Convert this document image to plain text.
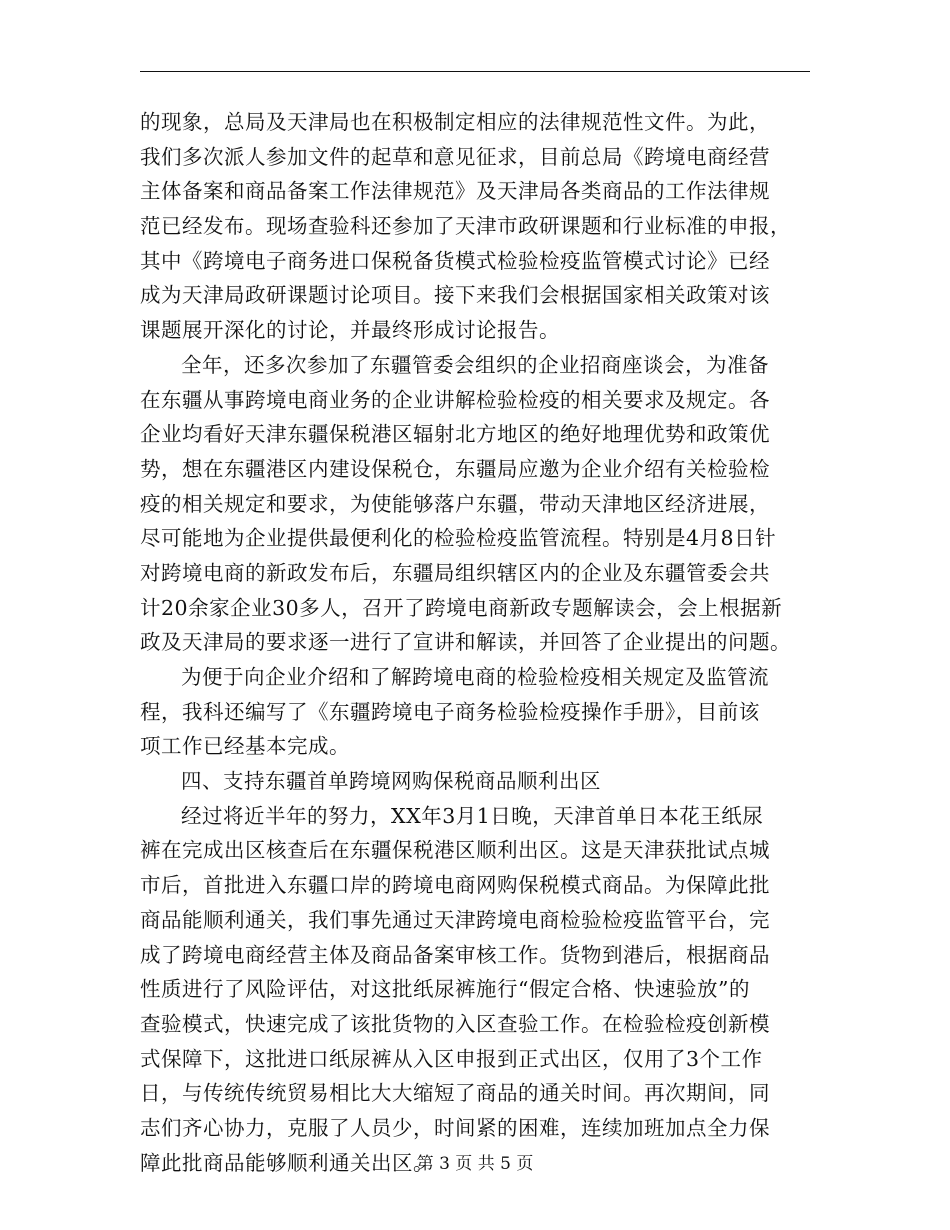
的现象，总局及天津局也在积极制定相应的法律规范性文件。为此，
我们多次派人参加文件的起草和意见征求，目前总局《跨境电商经营
主体备案和商品备案工作法律规范》及天津局各类商品的工作法律规
范已经发布。现场查验科还参加了天津市政研课题和行业标准的申报，
其中《跨境电子商务进口保税备货模式检验检疫监管模式讨论》已经
成为天津局政研课题讨论项目。接下来我们会根据国家相关政策对该
课题展开深化的讨论，并最终形成讨论报告。
全年，还多次参加了东疆管委会组织的企业招商座谈会，为准备
在东疆从事跨境电商业务的企业讲解检验检疫的相关要求及规定。各
企业均看好天津东疆保税港区辐射北方地区的绝好地理优势和政策优
势，想在东疆港区内建设保税仓，东疆局应邀为企业介绍有关检验检
疫的相关规定和要求，为使能够落户东疆，带动天津地区经济进展，
尽可能地为企业提供最便利化的检验检疫监管流程。特别是4月8日针
对跨境电商的新政发布后，东疆局组织辖区内的企业及东疆管委会共
计20余家企业30多人，召开了跨境电商新政专题解读会，会上根据新
政及天津局的要求逐一进行了宣讲和解读，并回答了企业提出的问题。
为便于向企业介绍和了解跨境电商的检验检疫相关规定及监管流
程，我科还编写了《东疆跨境电子商务检验检疫操作手册》，目前该
项工作已经基本完成。
四、支持东疆首单跨境网购保税商品顺利出区
经过将近半年的努力，XX年3月1日晚，天津首单日本花王纸尿
裤在完成出区核查后在东疆保税港区顺利出区。这是天津获批试点城
市后，首批进入东疆口岸的跨境电商网购保税模式商品。为保障此批
商品能顺利通关，我们事先通过天津跨境电商检验检疫监管平台，完
成了跨境电商经营主体及商品备案审核工作。货物到港后，根据商品
性质进行了风险评估，对这批纸尿裤施行“假定合格、快速验放”的
查验模式，快速完成了该批货物的入区查验工作。在检验检疫创新模
式保障下，这批进口纸尿裤从入区申报到正式出区，仅用了3个工作
日，与传统传统贸易相比大大缩短了商品的通关时间。再次期间，同
志们齐心协力，克服了人员少，时间紧的困难，连续加班加点全力保
障此批商品能够顺利通关出区。
第 3 页 共 5 页
